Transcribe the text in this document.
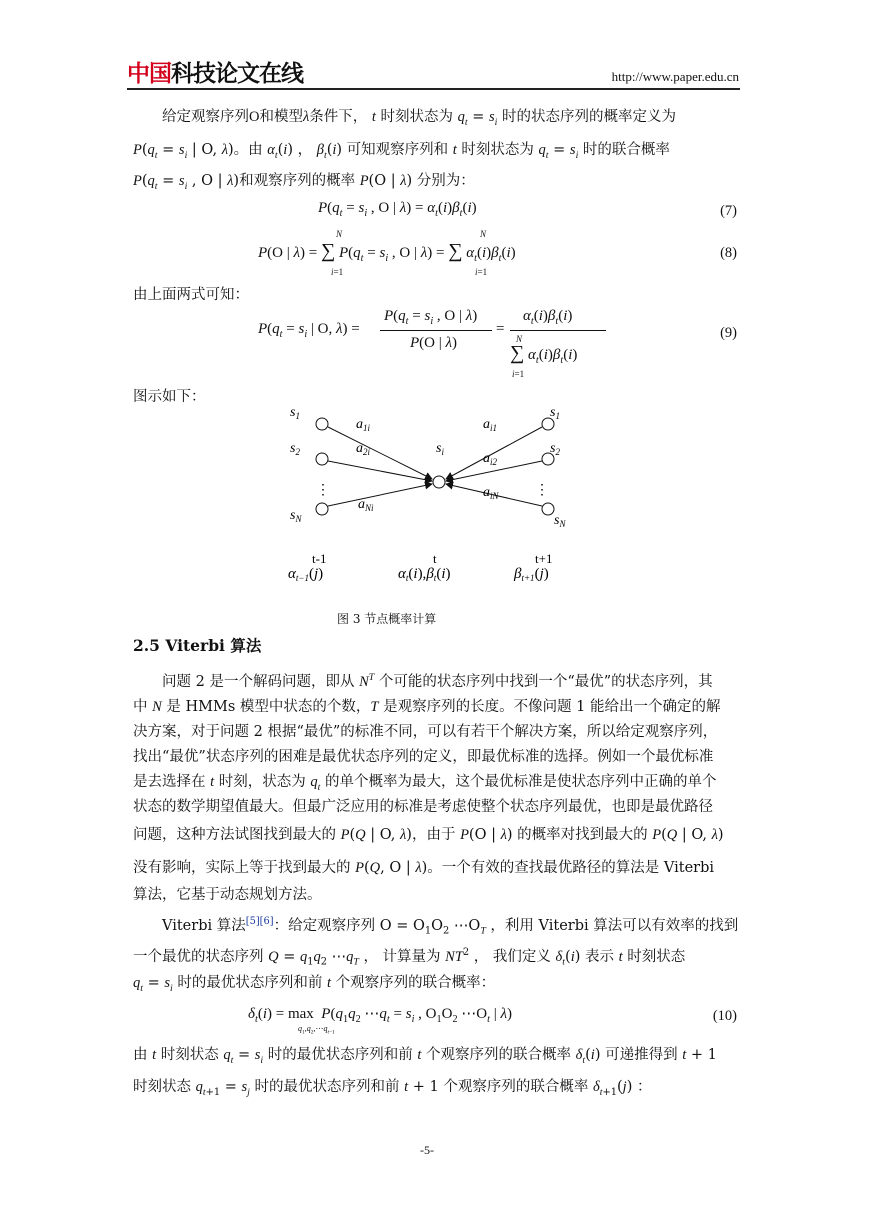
中国科技论文在线	http://www.paper.edu.cn
给定观察序列O和模型λ条件下， t 时刻状态为 $q_t = s_i$ 时的状态序列的概率定义为
$P(q_t = s_i$ | O, λ)。由 $\alpha_t(i)$ ， $\beta_t(i)$ 可知观察序列和 t 时刻状态为 $q_t = s_i$ 时的联合概率
$P(q_t = s_i$ , O | λ)和观察序列的概率 P(O | λ) 分别为：
$P(q_t = s_i$ , O | $\lambda) = \alpha_t(i)\beta_t(i)$	(7)
P(O | λ) = ∑ $P(q_t = s_i$ , O | λ) = ∑ $\alpha_t(i)\beta_t(i)$
N
i=1
N
i=1
(8)
由上面两式可知：
$P(q_t = s_i$ | O, λ) =
$P(q_t = s_i$ , O | λ)
P(O | λ)
=
$\alpha_t(i)\beta_t(i)$
∑ $\alpha_t(i)\beta_t(i)$
N
i=1
(9)
图示如下：
$s_1$
$s_2$
⋮
$s_N$
$s_1$
$s_2$
⋮
$s_N$
$s_i$
$a_{1i}$
$a_{2i}$
$a_{Ni}$
$a_{i1}$
$a_{i2}$
$a_{iN}$
t-1	t	t+1
$\alpha_{t-1}(j)$	$\alpha_t(i),\beta_t(i)$	$\beta_{t+1}(j)$
图 3 节点概率计算
2.5 Viterbi 算法
问题 2 是一个解码问题，即从 $N^T$ 个可能的状态序列中找到一个“最优”的状态序列，其
中 N 是 HMMs 模型中状态的个数，T 是观察序列的长度。不像问题 1 能给出一个确定的解
决方案，对于问题 2 根据“最优”的标准不同，可以有若干个解决方案，所以给定观察序列，
找出“最优”状态序列的困难是最优状态序列的定义，即最优标准的选择。例如一个最优标准
是去选择在 t 时刻，状态为 $q_t$ 的单个概率为最大，这个最优标准是使状态序列中正确的单个
状态的数学期望值最大。但最广泛应用的标准是考虑使整个状态序列最优，也即是最优路径
问题，这种方法试图找到最大的 P(Q | O, λ)，由于 P(O | λ) 的概率对找到最大的 P(Q | O, λ)
没有影响，实际上等于找到最大的 P(Q, O | λ)。一个有效的查找最优路径的算法是 Viterbi
算法，它基于动态规划方法。
Viterbi 算法[5][6]：给定观察序列 $O = O_1O_2$ $\cdots O_T$ ，利用 Viterbi 算法可以有效率的找到
一个最优的状态序列 $Q = q_1q_2$ $\cdots q_T$ ， 计算量为 $NT^2$ ， 我们定义 $\delta_t(i)$ 表示 t 时刻状态
$q_t = s_i$ 时的最优状态序列和前 t 个观察序列的联合概率：
$\delta_t(i) = \max P(q_1q_2$ $\cdots q_t = s_i$ , $O_1O_2$ $\cdots O_t$ | λ)
$q_1,q_2,\cdots q_{t-1}$
(10)
由 t 时刻状态 $q_t = s_i$ 时的最优状态序列和前 t 个观察序列的联合概率 $\delta_t(i)$ 可递推得到 t + 1
时刻状态 $q_{t+1} = s_j$ 时的最优状态序列和前 t + 1 个观察序列的联合概率 $\delta_{t+1}(j)$ ：
-5-
